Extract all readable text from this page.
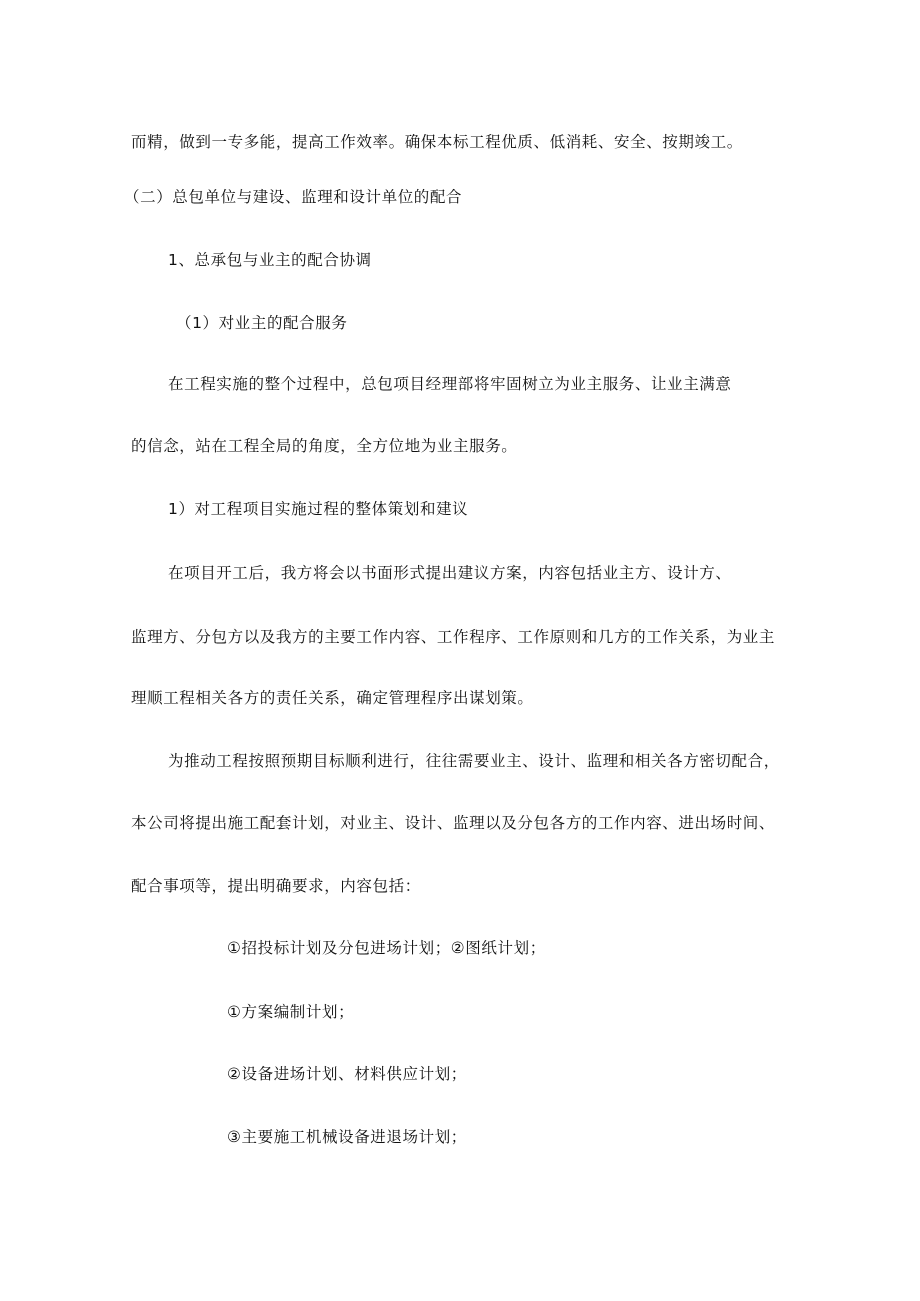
而精，做到一专多能，提高工作效率。确保本标工程优质、低消耗、安全、按期竣工。
（二）总包单位与建设、监理和设计单位的配合
1、总承包与业主的配合协调
（1）对业主的配合服务
在工程实施的整个过程中，总包项目经理部将牢固树立为业主服务、让业主满意
的信念，站在工程全局的角度，全方位地为业主服务。
1）对工程项目实施过程的整体策划和建议
在项目开工后，我方将会以书面形式提出建议方案，内容包括业主方、设计方、
监理方、分包方以及我方的主要工作内容、工作程序、工作原则和几方的工作关系，为业主
理顺工程相关各方的责任关系，确定管理程序出谋划策。
为推动工程按照预期目标顺利进行，往往需要业主、设计、监理和相关各方密切配合，
本公司将提出施工配套计划，对业主、设计、监理以及分包各方的工作内容、进出场时间、
配合事项等，提出明确要求，内容包括：
①招投标计划及分包进场计划；②图纸计划；
①方案编制计划；
②设备进场计划、材料供应计划；
③主要施工机械设备进退场计划；
